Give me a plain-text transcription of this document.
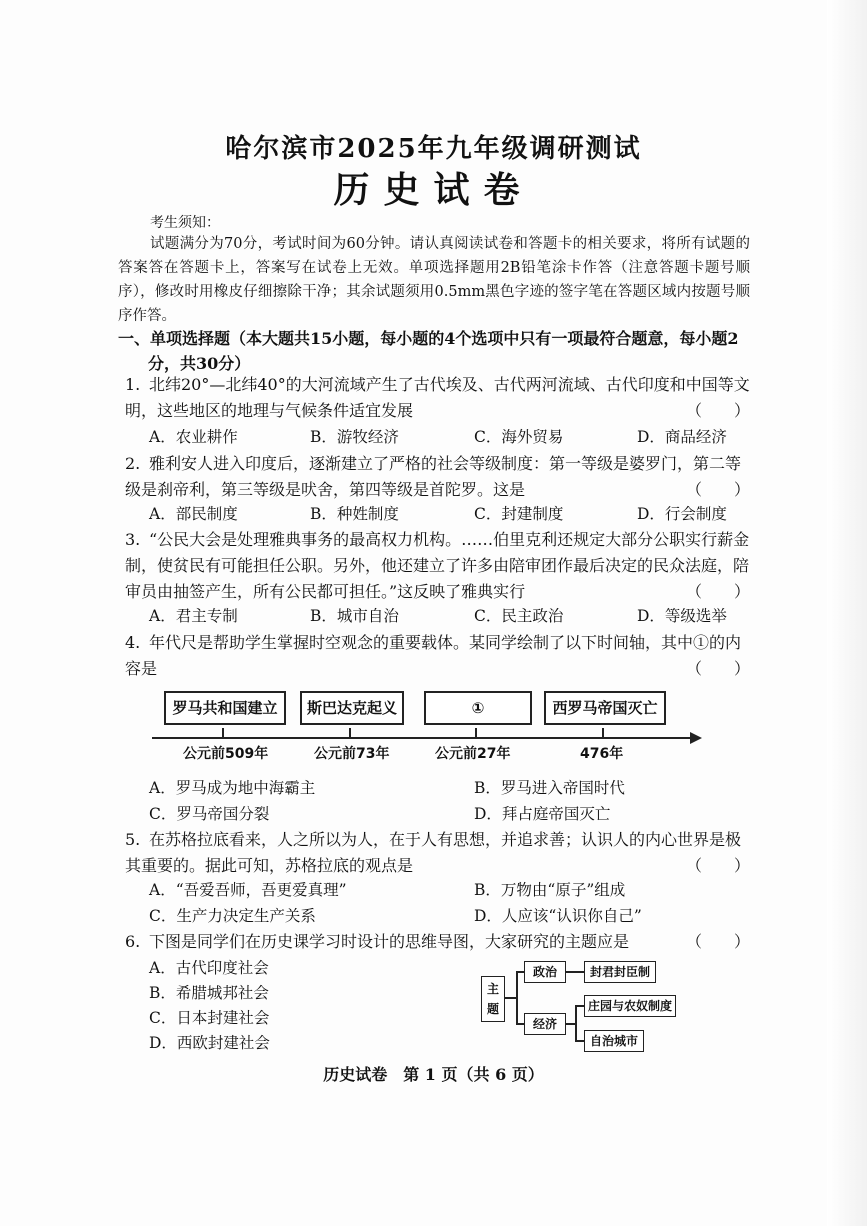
哈尔滨市2025年九年级调研测试
历史试卷
考生须知：
试题满分为70分，考试时间为60分钟。请认真阅读试卷和答题卡的相关要求，将所有试题的答案答在答题卡上，答案写在试卷上无效。单项选择题用2B铅笔涂卡作答（注意答题卡题号顺序），修改时用橡皮仔细擦除干净；其余试题须用0.5mm黑色字迹的签字笔在答题区域内按题号顺序作答。
一、单项选择题（本大题共15小题，每小题的4个选项中只有一项最符合题意，每小题2
分，共30分）
1. 北纬20°—北纬40°的大河流域产生了古代埃及、古代两河流域、古代印度和中国等文明，这些地区的地理与气候条件适宜发展	（　　）
A．农业耕作	B．游牧经济	C．海外贸易	D．商品经济
2. 雅利安人进入印度后，逐渐建立了严格的社会等级制度：第一等级是婆罗门，第二等级是刹帝利，第三等级是吠舍，第四等级是首陀罗。这是	（　　）
A．部民制度	B．种姓制度	C．封建制度	D．行会制度
3. “公民大会是处理雅典事务的最高权力机构。……伯里克利还规定大部分公职实行薪金制，使贫民有可能担任公职。另外，他还建立了许多由陪审团作最后决定的民众法庭，陪审员由抽签产生，所有公民都可担任。”这反映了雅典实行	（　　）
A．君主专制	B．城市自治	C．民主政治	D．等级选举
4. 年代尺是帮助学生掌握时空观念的重要载体。某同学绘制了以下时间轴，其中①的内容是	（　　）
罗马共和国建立	斯巴达克起义	①	西罗马帝国灭亡
公元前509年	公元前73年	公元前27年	476年
A．罗马成为地中海霸主	B．罗马进入帝国时代
C．罗马帝国分裂	D．拜占庭帝国灭亡
5. 在苏格拉底看来，人之所以为人，在于人有思想，并追求善；认识人的内心世界是极其重要的。据此可知，苏格拉底的观点是	（　　）
A．“吾爱吾师，吾更爱真理”	B．万物由“原子”组成
C．生产力决定生产关系	D．人应该“认识你自己”
6. 下图是同学们在历史课学习时设计的思维导图，大家研究的主题应是	（　　）
A．古代印度社会
B．希腊城邦社会
C．日本封建社会
D．西欧封建社会
主题
政治	封君封臣制
经济
庄园与农奴制度
自治城市
历史试卷　第 1 页（共 6 页）
